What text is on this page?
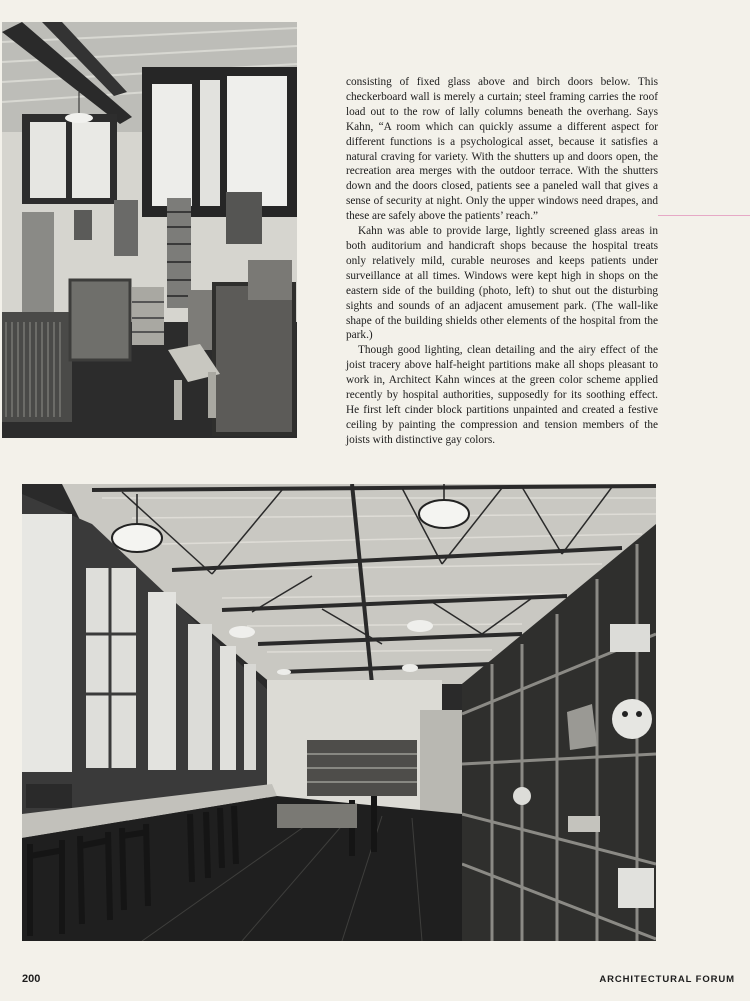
consisting of fixed glass above and birch doors below. This checkerboard wall is merely a curtain; steel framing carries the roof load out to the row of lally columns beneath the overhang. Says Kahn, “A room which can quickly assume a different aspect for different functions is a psychological asset, because it satisfies a natural craving for variety. With the shutters up and doors open, the recreation area merges with the outdoor terrace. With the shutters down and the doors closed, patients see a paneled wall that gives a sense of security at night. Only the upper windows need drapes, and these are safely above the patients’ reach.”

Kahn was able to provide large, lightly screened glass areas in both auditorium and handicraft shops because the hospital treats only relatively mild, curable neuroses and keeps patients under surveillance at all times. Windows were kept high in shops on the eastern side of the building (photo, left) to shut out the disturbing sights and sounds of an adjacent amusement park. (The wall-like shape of the building shields other elements of the hospital from the park.)

Though good lighting, clean detailing and the airy effect of the joist tracery above half-height partitions make all shops pleasant to work in, Architect Kahn winces at the green color scheme applied recently by hospital authorities, supposedly for its soothing effect. He first left cinder block partitions unpainted and created a festive ceiling by painting the compression and tension members of the joists with distinctive gay colors.

200	ARCHITECTURAL FORUM
